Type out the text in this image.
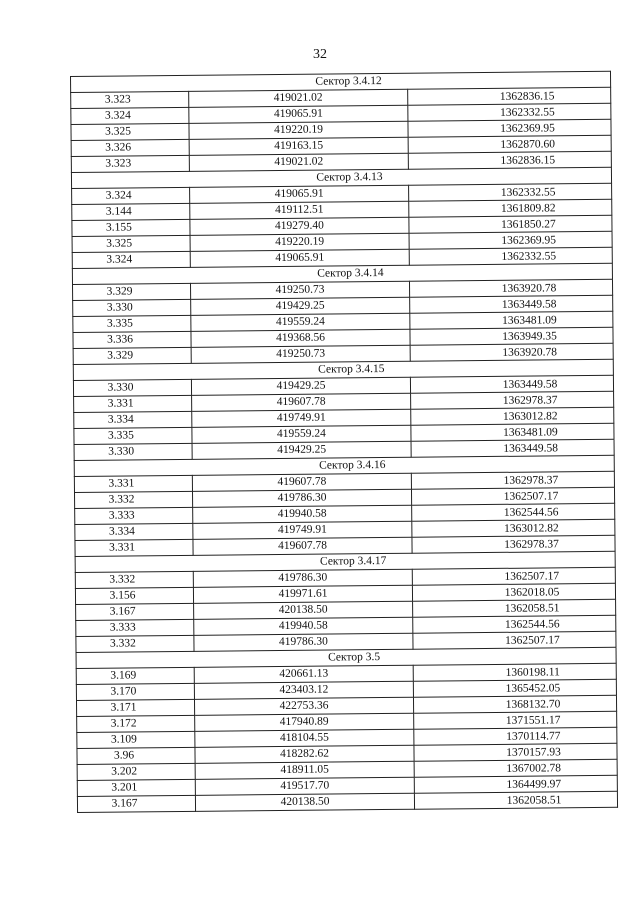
32
Сектор 3.4.12		
3.323	419021.02	1362836.15
3.324	419065.91	1362332.55
3.325	419220.19	1362369.95
3.326	419163.15	1362870.60
3.323	419021.02	1362836.15
Сектор 3.4.13		
3.324	419065.91	1362332.55
3.144	419112.51	1361809.82
3.155	419279.40	1361850.27
3.325	419220.19	1362369.95
3.324	419065.91	1362332.55
Сектор 3.4.14		
3.329	419250.73	1363920.78
3.330	419429.25	1363449.58
3.335	419559.24	1363481.09
3.336	419368.56	1363949.35
3.329	419250.73	1363920.78
Сектор 3.4.15		
3.330	419429.25	1363449.58
3.331	419607.78	1362978.37
3.334	419749.91	1363012.82
3.335	419559.24	1363481.09
3.330	419429.25	1363449.58
Сектор 3.4.16		
3.331	419607.78	1362978.37
3.332	419786.30	1362507.17
3.333	419940.58	1362544.56
3.334	419749.91	1363012.82
3.331	419607.78	1362978.37
Сектор 3.4.17		
3.332	419786.30	1362507.17
3.156	419971.61	1362018.05
3.167	420138.50	1362058.51
3.333	419940.58	1362544.56
3.332	419786.30	1362507.17
Сектор 3.5		
3.169	420661.13	1360198.11
3.170	423403.12	1365452.05
3.171	422753.36	1368132.70
3.172	417940.89	1371551.17
3.109	418104.55	1370114.77
3.96	418282.62	1370157.93
3.202	418911.05	1367002.78
3.201	419517.70	1364499.97
3.167	420138.50	1362058.51
